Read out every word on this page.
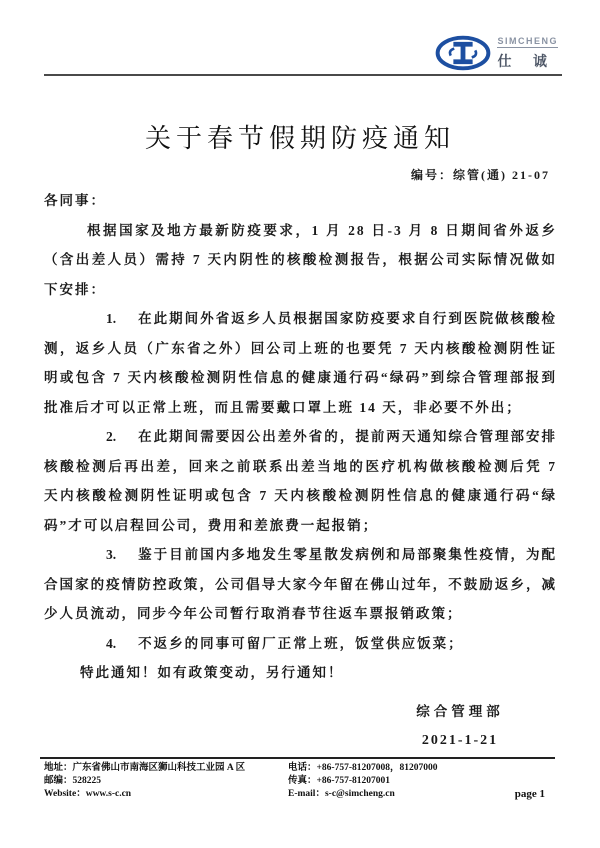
SIMCHENG
仕 诚
关于春节假期防疫通知
编号：综管(通) 21-07

各同事：

根据国家及地方最新防疫要求，1 月 28 日-3 月 8 日期间省外返乡（含出差人员）需持 7 天内阴性的核酸检测报告，根据公司实际情况做如下安排：

1. 在此期间外省返乡人员根据国家防疫要求自行到医院做核酸检测，返乡人员（广东省之外）回公司上班的也要凭 7 天内核酸检测阴性证明或包含 7 天内核酸检测阴性信息的健康通行码“绿码”到综合管理部报到批准后才可以正常上班，而且需要戴口罩上班 14 天，非必要不外出；

2. 在此期间需要因公出差外省的，提前两天通知综合管理部安排核酸检测后再出差，回来之前联系出差当地的医疗机构做核酸检测后凭 7 天内核酸检测阴性证明或包含 7 天内核酸检测阴性信息的健康通行码“绿码”才可以启程回公司，费用和差旅费一起报销；

3. 鉴于目前国内多地发生零星散发病例和局部聚集性疫情，为配合国家的疫情防控政策，公司倡导大家今年留在佛山过年，不鼓励返乡，减少人员流动，同步今年公司暂行取消春节往返车票报销政策；

4. 不返乡的同事可留厂正常上班，饭堂供应饭菜；

特此通知！如有政策变动，另行通知！

综合管理部
2021-1-21
地址：广东省佛山市南海区狮山科技工业园 A 区
邮编：528225
Website：www.s-c.cn
电话：+86-757-81207008，81207000
传真：+86-757-81207001
E-mail：s-c@simcheng.cn	page 1
